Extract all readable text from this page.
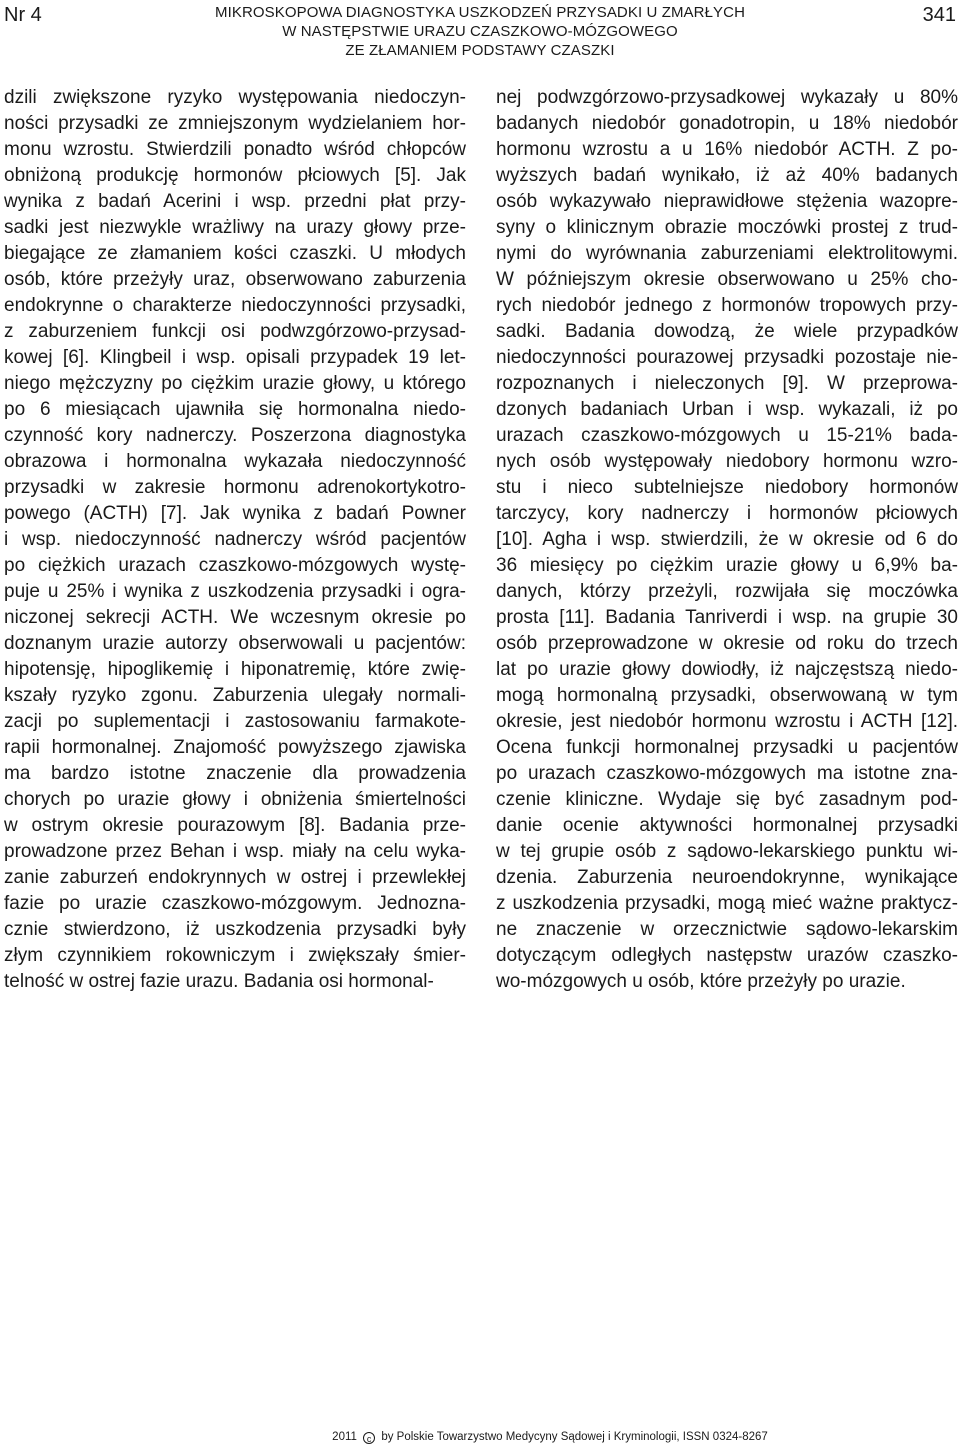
Nr 4	MIKROSKOPOWA DIAGNOSTYKA USZKODZEŃ PRZYSADKI U ZMARŁYCH
W NASTĘPSTWIE URAZU CZASZKOWO-MÓZGOWEGO
ZE ZŁAMANIEM PODSTAWY CZASZKI
341
dzili zwiększone ryzyko występowania niedoczyn-
ności przysadki ze zmniejszonym wydzielaniem hor-
monu wzrostu. Stwierdzili ponadto wśród chłopców
obniżoną produkcję hormonów płciowych [5]. Jak
wynika z badań Acerini i wsp. przedni płat przy-
sadki jest niezwykle wrażliwy na urazy głowy prze-
biegające ze złamaniem kości czaszki. U młodych
osób, które przeżyły uraz, obserwowano zaburzenia
endokrynne o charakterze niedoczynności przysadki,
z zaburzeniem funkcji osi podwzgórzowo-przysad-
kowej [6]. Klingbeil i wsp. opisali przypadek 19 let-
niego mężczyzny po ciężkim urazie głowy, u którego
po 6 miesiącach ujawniła się hormonalna niedo-
czynność kory nadnerczy. Poszerzona diagnostyka
obrazowa i hormonalna wykazała niedoczynność
przysadki w zakresie hormonu adrenokortykotro-
powego (ACTH) [7]. Jak wynika z badań Powner
i wsp. niedoczynność nadnerczy wśród pacjentów
po ciężkich urazach czaszkowo-mózgowych wystę-
puje u 25% i wynika z uszkodzenia przysadki i ogra-
niczonej sekrecji ACTH. We wczesnym okresie po
doznanym urazie autorzy obserwowali u pacjentów:
hipotensję, hipoglikemię i hiponatremię, które zwię-
kszały ryzyko zgonu. Zaburzenia ulegały normali-
zacji po suplementacji i zastosowaniu farmakote-
rapii hormonalnej. Znajomość powyższego zjawiska
ma bardzo istotne znaczenie dla prowadzenia
chorych po urazie głowy i obniżenia śmiertelności
w ostrym okresie pourazowym [8]. Badania prze-
prowadzone przez Behan i wsp. miały na celu wyka-
zanie zaburzeń endokrynnych w ostrej i przewlekłej
fazie po urazie czaszkowo-mózgowym. Jednozna-
cznie stwierdzono, iż uszkodzenia przysadki były
złym czynnikiem rokowniczym i zwiększały śmier-
telność w ostrej fazie urazu. Badania osi hormonal-
nej podwzgórzowo-przysadkowej wykazały u 80%
badanych niedobór gonadotropin, u 18% niedobór
hormonu wzrostu a u 16% niedobór ACTH. Z po-
wyższych badań wynikało, iż aż 40% badanych
osób wykazywało nieprawidłowe stężenia wazopre-
syny o klinicznym obrazie moczówki prostej z trud-
nymi do wyrównania zaburzeniami elektrolitowymi.
W późniejszym okresie obserwowano u 25% cho-
rych niedobór jednego z hormonów tropowych przy-
sadki. Badania dowodzą, że wiele przypadków
niedoczynności pourazowej przysadki pozostaje nie-
rozpoznanych i nieleczonych [9]. W przeprowa-
dzonych badaniach Urban i wsp. wykazali, iż po
urazach czaszkowo-mózgowych u 15-21% bada-
nych osób występowały niedobory hormonu wzro-
stu i nieco subtelniejsze niedobory hormonów
tarczycy, kory nadnerczy i hormonów płciowych
[10]. Agha i wsp. stwierdzili, że w okresie od 6 do
36 miesięcy po ciężkim urazie głowy u 6,9% ba-
danych, którzy przeżyli, rozwijała się moczówka
prosta [11]. Badania Tanriverdi i wsp. na grupie 30
osób przeprowadzone w okresie od roku do trzech
lat po urazie głowy dowiodły, iż najczęstszą niedo-
mogą hormonalną przysadki, obserwowaną w tym
okresie, jest niedobór hormonu wzrostu i ACTH [12].
Ocena funkcji hormonalnej przysadki u pacjentów
po urazach czaszkowo-mózgowych ma istotne zna-
czenie kliniczne. Wydaje się być zasadnym pod-
danie ocenie aktywności hormonalnej przysadki
w tej grupie osób z sądowo-lekarskiego punktu wi-
dzenia. Zaburzenia neuroendokrynne, wynikające
z uszkodzenia przysadki, mogą mieć ważne praktycz-
ne znaczenie w orzecznictwie sądowo-lekarskim
dotyczącym odległych następstw urazów czaszko-
wo-mózgowych u osób, które przeżyły po urazie.
2011 c by Polskie Towarzystwo Medycyny Sądowej i Kryminologii, ISSN 0324-8267
